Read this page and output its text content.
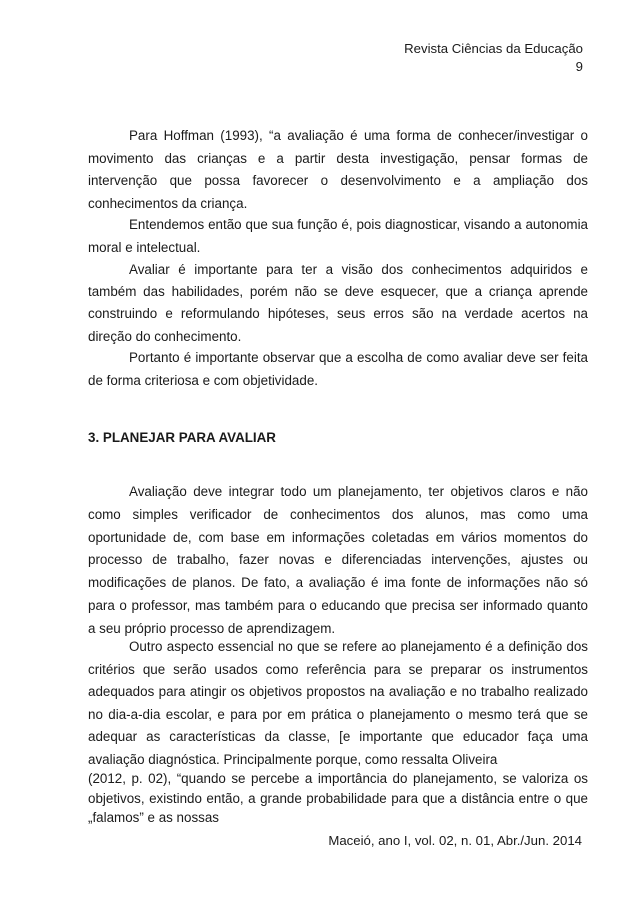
Revista Ciências da Educação
9

Para Hoffman (1993), “a avaliação é uma forma de conhecer/investigar o movimento das crianças e a partir desta investigação, pensar formas de intervenção que possa favorecer o desenvolvimento e a ampliação dos conhecimentos da criança.

Entendemos então que sua função é, pois diagnosticar, visando a autonomia moral e intelectual.

Avaliar é importante para ter a visão dos conhecimentos adquiridos e também das habilidades, porém não se deve esquecer, que a criança aprende construindo e reformulando hipóteses, seus erros são na verdade acertos na direção do conhecimento.

Portanto é importante observar que a escolha de como avaliar deve ser feita de forma criteriosa e com objetividade.

3. PLANEJAR PARA AVALIAR

Avaliação deve integrar todo um planejamento, ter objetivos claros e não como simples verificador de conhecimentos dos alunos, mas como uma oportunidade de, com base em informações coletadas em vários momentos do processo de trabalho, fazer novas e diferenciadas intervenções, ajustes ou modificações de planos. De fato, a avaliação é ima fonte de informações não só para o professor, mas também para o educando que precisa ser informado quanto a seu próprio processo de aprendizagem.

Outro aspecto essencial no que se refere ao planejamento é a definição dos critérios que serão usados como referência para se preparar os instrumentos adequados para atingir os objetivos propostos na avaliação e no trabalho realizado no dia-a-dia escolar, e para por em prática o planejamento o mesmo terá que se adequar as características da classe, [e importante que educador faça uma avaliação diagnóstica. Principalmente porque, como ressalta Oliveira

(2012, p. 02), “quando se percebe a importância do planejamento, se valoriza os objetivos, existindo então, a grande probabilidade para que a distância entre o que „falamos” e as nossas

Maceió, ano I, vol. 02, n. 01, Abr./Jun. 2014
